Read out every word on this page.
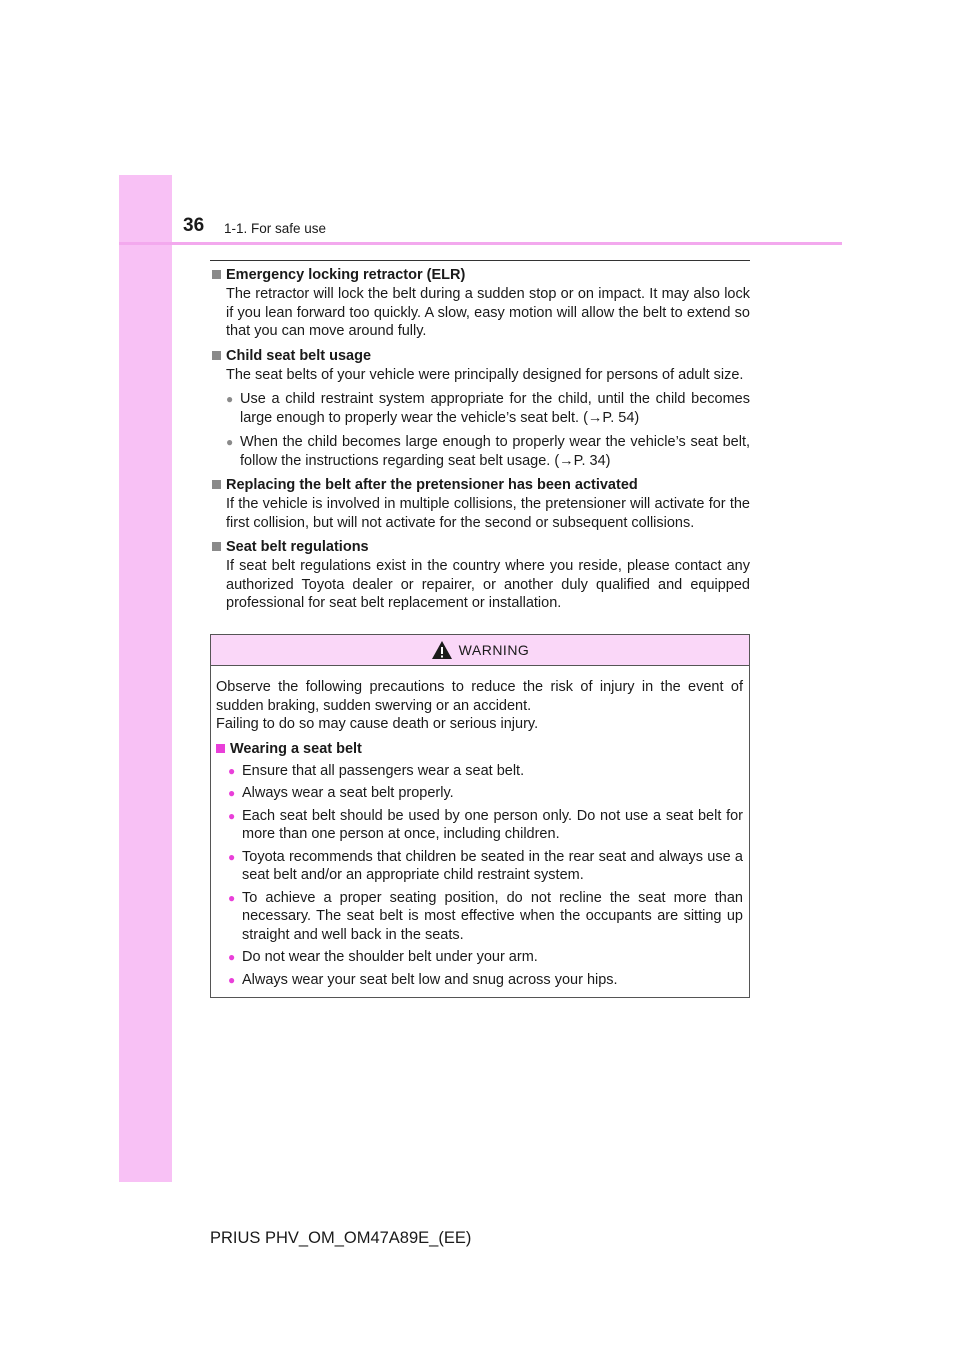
36 1-1. For safe use
Emergency locking retractor (ELR)
The retractor will lock the belt during a sudden stop or on impact. It may also lock if you lean forward too quickly. A slow, easy motion will allow the belt to extend so that you can move around fully.
Child seat belt usage
The seat belts of your vehicle were principally designed for persons of adult size.
● Use a child restraint system appropriate for the child, until the child becomes large enough to properly wear the vehicle’s seat belt. (→P. 54)
● When the child becomes large enough to properly wear the vehicle’s seat belt, follow the instructions regarding seat belt usage. (→P. 34)
Replacing the belt after the pretensioner has been activated
If the vehicle is involved in multiple collisions, the pretensioner will activate for the first collision, but will not activate for the second or subsequent collisions.
Seat belt regulations
If seat belt regulations exist in the country where you reside, please contact any authorized Toyota dealer or repairer, or another duly qualified and equipped professional for seat belt replacement or installation.
WARNING
Observe the following precautions to reduce the risk of injury in the event of sudden braking, sudden swerving or an accident.
Failing to do so may cause death or serious injury.
Wearing a seat belt
● Ensure that all passengers wear a seat belt.
● Always wear a seat belt properly.
● Each seat belt should be used by one person only. Do not use a seat belt for more than one person at once, including children.
● Toyota recommends that children be seated in the rear seat and always use a seat belt and/or an appropriate child restraint system.
● To achieve a proper seating position, do not recline the seat more than necessary. The seat belt is most effective when the occupants are sitting up straight and well back in the seats.
● Do not wear the shoulder belt under your arm.
● Always wear your seat belt low and snug across your hips.
PRIUS PHV_OM_OM47A89E_(EE)
